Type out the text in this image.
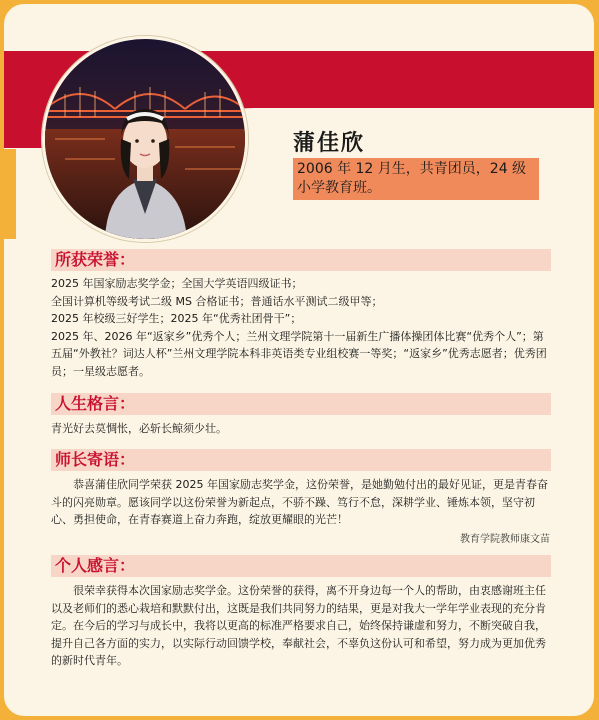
蒲佳欣
2006 年 12 月生，共青团员，24 级小学教育班。
所获荣誉：

2025 年国家励志奖学金；全国大学英语四级证书；

全国计算机等级考试二级 MS 合格证书；普通话水平测试二级甲等；

2025 年校级三好学生；2025 年“优秀社团骨干”；

2025 年、2026 年“返家乡”优秀个人；兰州文理学院第十一届新生广播体操团体比赛“优秀个人”；第五届“外教社？词达人杯”兰州文理学院本科非英语类专业组校赛一等奖；“返家乡”优秀志愿者；优秀团员；一星级志愿者。

人生格言：

青光好去莫惆怅，必斩长鲸须少壮。

师长寄语：

恭喜蒲佳欣同学荣获 2025 年国家励志奖学金，这份荣誉，是她勤勉付出的最好见证，更是青春奋斗的闪亮勋章。愿该同学以这份荣誉为新起点，不骄不躁、笃行不怠，深耕学业、锤炼本领，坚守初心、勇担使命，在青春赛道上奋力奔跑，绽放更耀眼的光芒！

教育学院教师康文苗
个人感言：

很荣幸获得本次国家励志奖学金。这份荣誉的获得，离不开身边每一个人的帮助，由衷感谢班主任以及老师们的悉心栽培和默默付出，这既是我们共同努力的结果，更是对我大一学年学业表现的充分肯定。在今后的学习与成长中，我将以更高的标准严格要求自己，始终保持谦虚和努力，不断突破自我，提升自己各方面的实力，以实际行动回馈学校，奉献社会，不辜负这份认可和希望，努力成为更加优秀的新时代青年。
